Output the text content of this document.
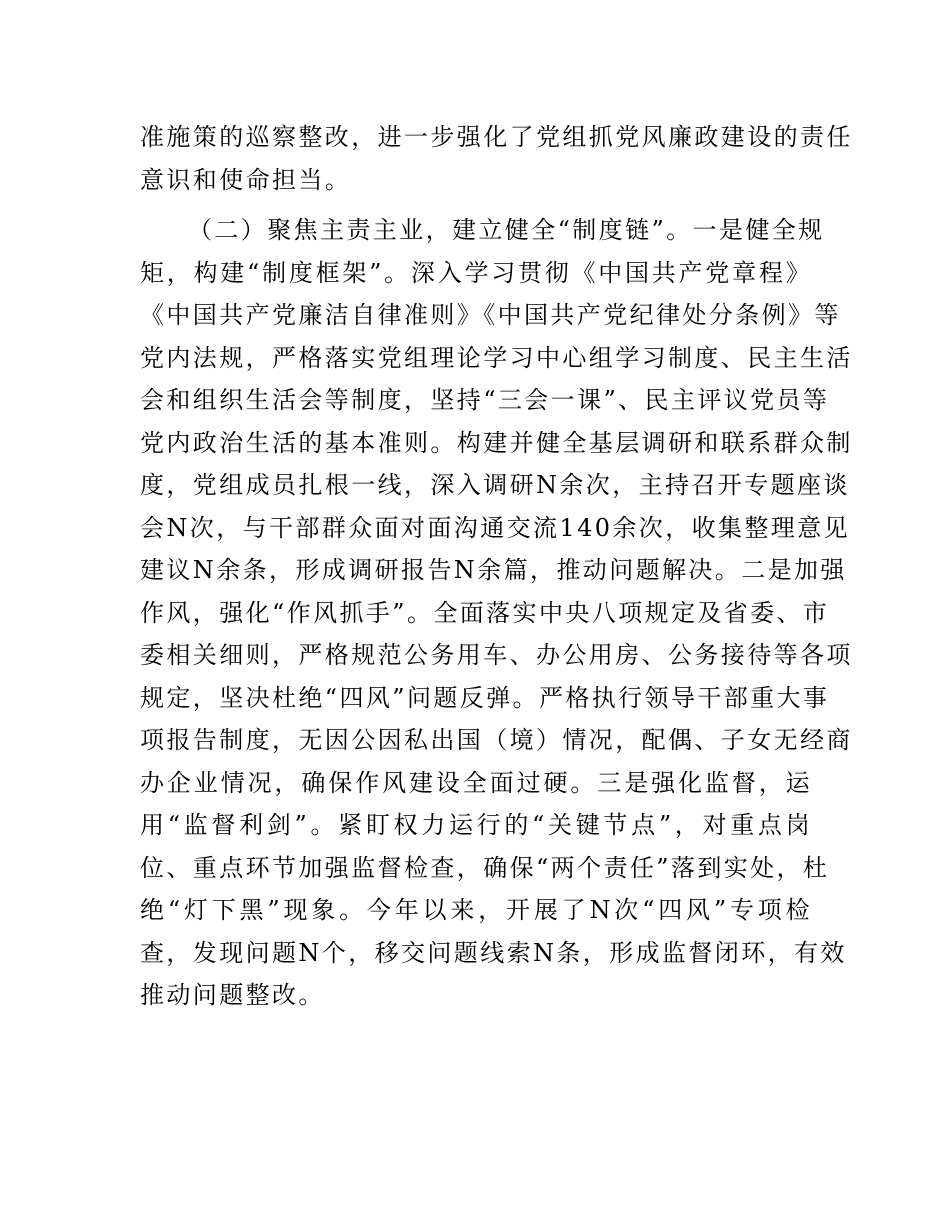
准施策的巡察整改，进一步强化了党组抓党风廉政建设的责任
意识和使命担当。
（二）聚焦主责主业，建立健全“制度链”。一是健全规
矩，构建“制度框架”。深入学习贯彻《中国共产党章程》
《中国共产党廉洁自律准则》《中国共产党纪律处分条例》等
党内法规，严格落实党组理论学习中心组学习制度、民主生活
会和组织生活会等制度，坚持“三会一课”、民主评议党员等
党内政治生活的基本准则。构建并健全基层调研和联系群众制
度，党组成员扎根一线，深入调研N余次，主持召开专题座谈
会N次，与干部群众面对面沟通交流140余次，收集整理意见
建议N余条，形成调研报告N余篇，推动问题解决。二是加强
作风，强化“作风抓手”。全面落实中央八项规定及省委、市
委相关细则，严格规范公务用车、办公用房、公务接待等各项
规定，坚决杜绝“四风”问题反弹。严格执行领导干部重大事
项报告制度，无因公因私出国（境）情况，配偶、子女无经商
办企业情况，确保作风建设全面过硬。三是强化监督，运
用“监督利剑”。紧盯权力运行的“关键节点”，对重点岗
位、重点环节加强监督检查，确保“两个责任”落到实处，杜
绝“灯下黑”现象。今年以来，开展了N次“四风”专项检
查，发现问题N个，移交问题线索N条，形成监督闭环，有效
推动问题整改。
